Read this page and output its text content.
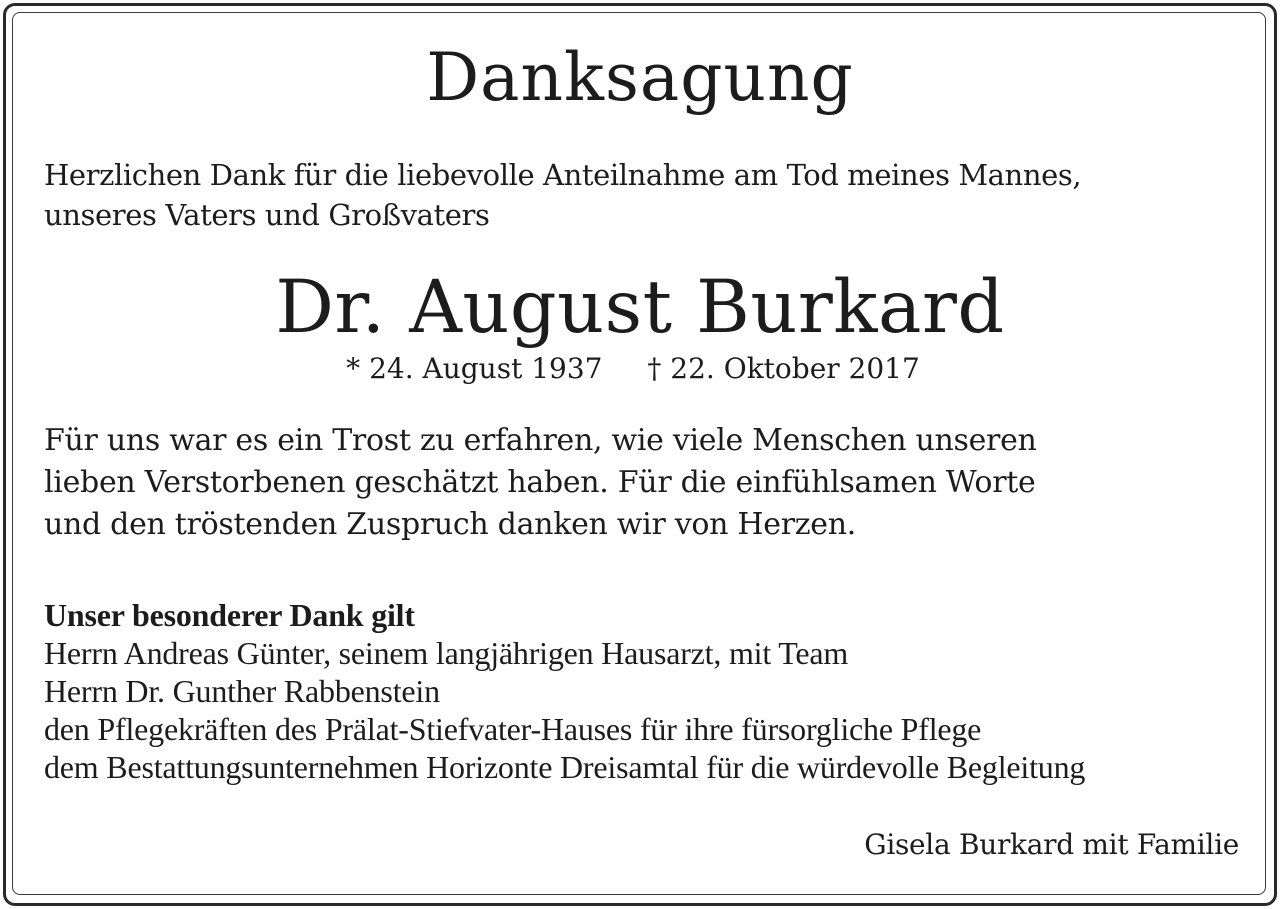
Danksagung
Herzlichen Dank für die liebevolle Anteilnahme am Tod meines Mannes,
unseres Vaters und Großvaters
Dr. August Burkard
* 24. August 1937 † 22. Oktober 2017
Für uns war es ein Trost zu erfahren, wie viele Menschen unseren
lieben Verstorbenen geschätzt haben. Für die einfühlsamen Worte
und den tröstenden Zuspruch danken wir von Herzen.
Unser besonderer Dank gilt
Herrn Andreas Günter, seinem langjährigen Hausarzt, mit Team
Herrn Dr. Gunther Rabbenstein
den Pflegekräften des Prälat-Stiefvater-Hauses für ihre fürsorgliche Pflege
dem Bestattungsunternehmen Horizonte Dreisamtal für die würdevolle Begleitung
Gisela Burkard mit Familie
